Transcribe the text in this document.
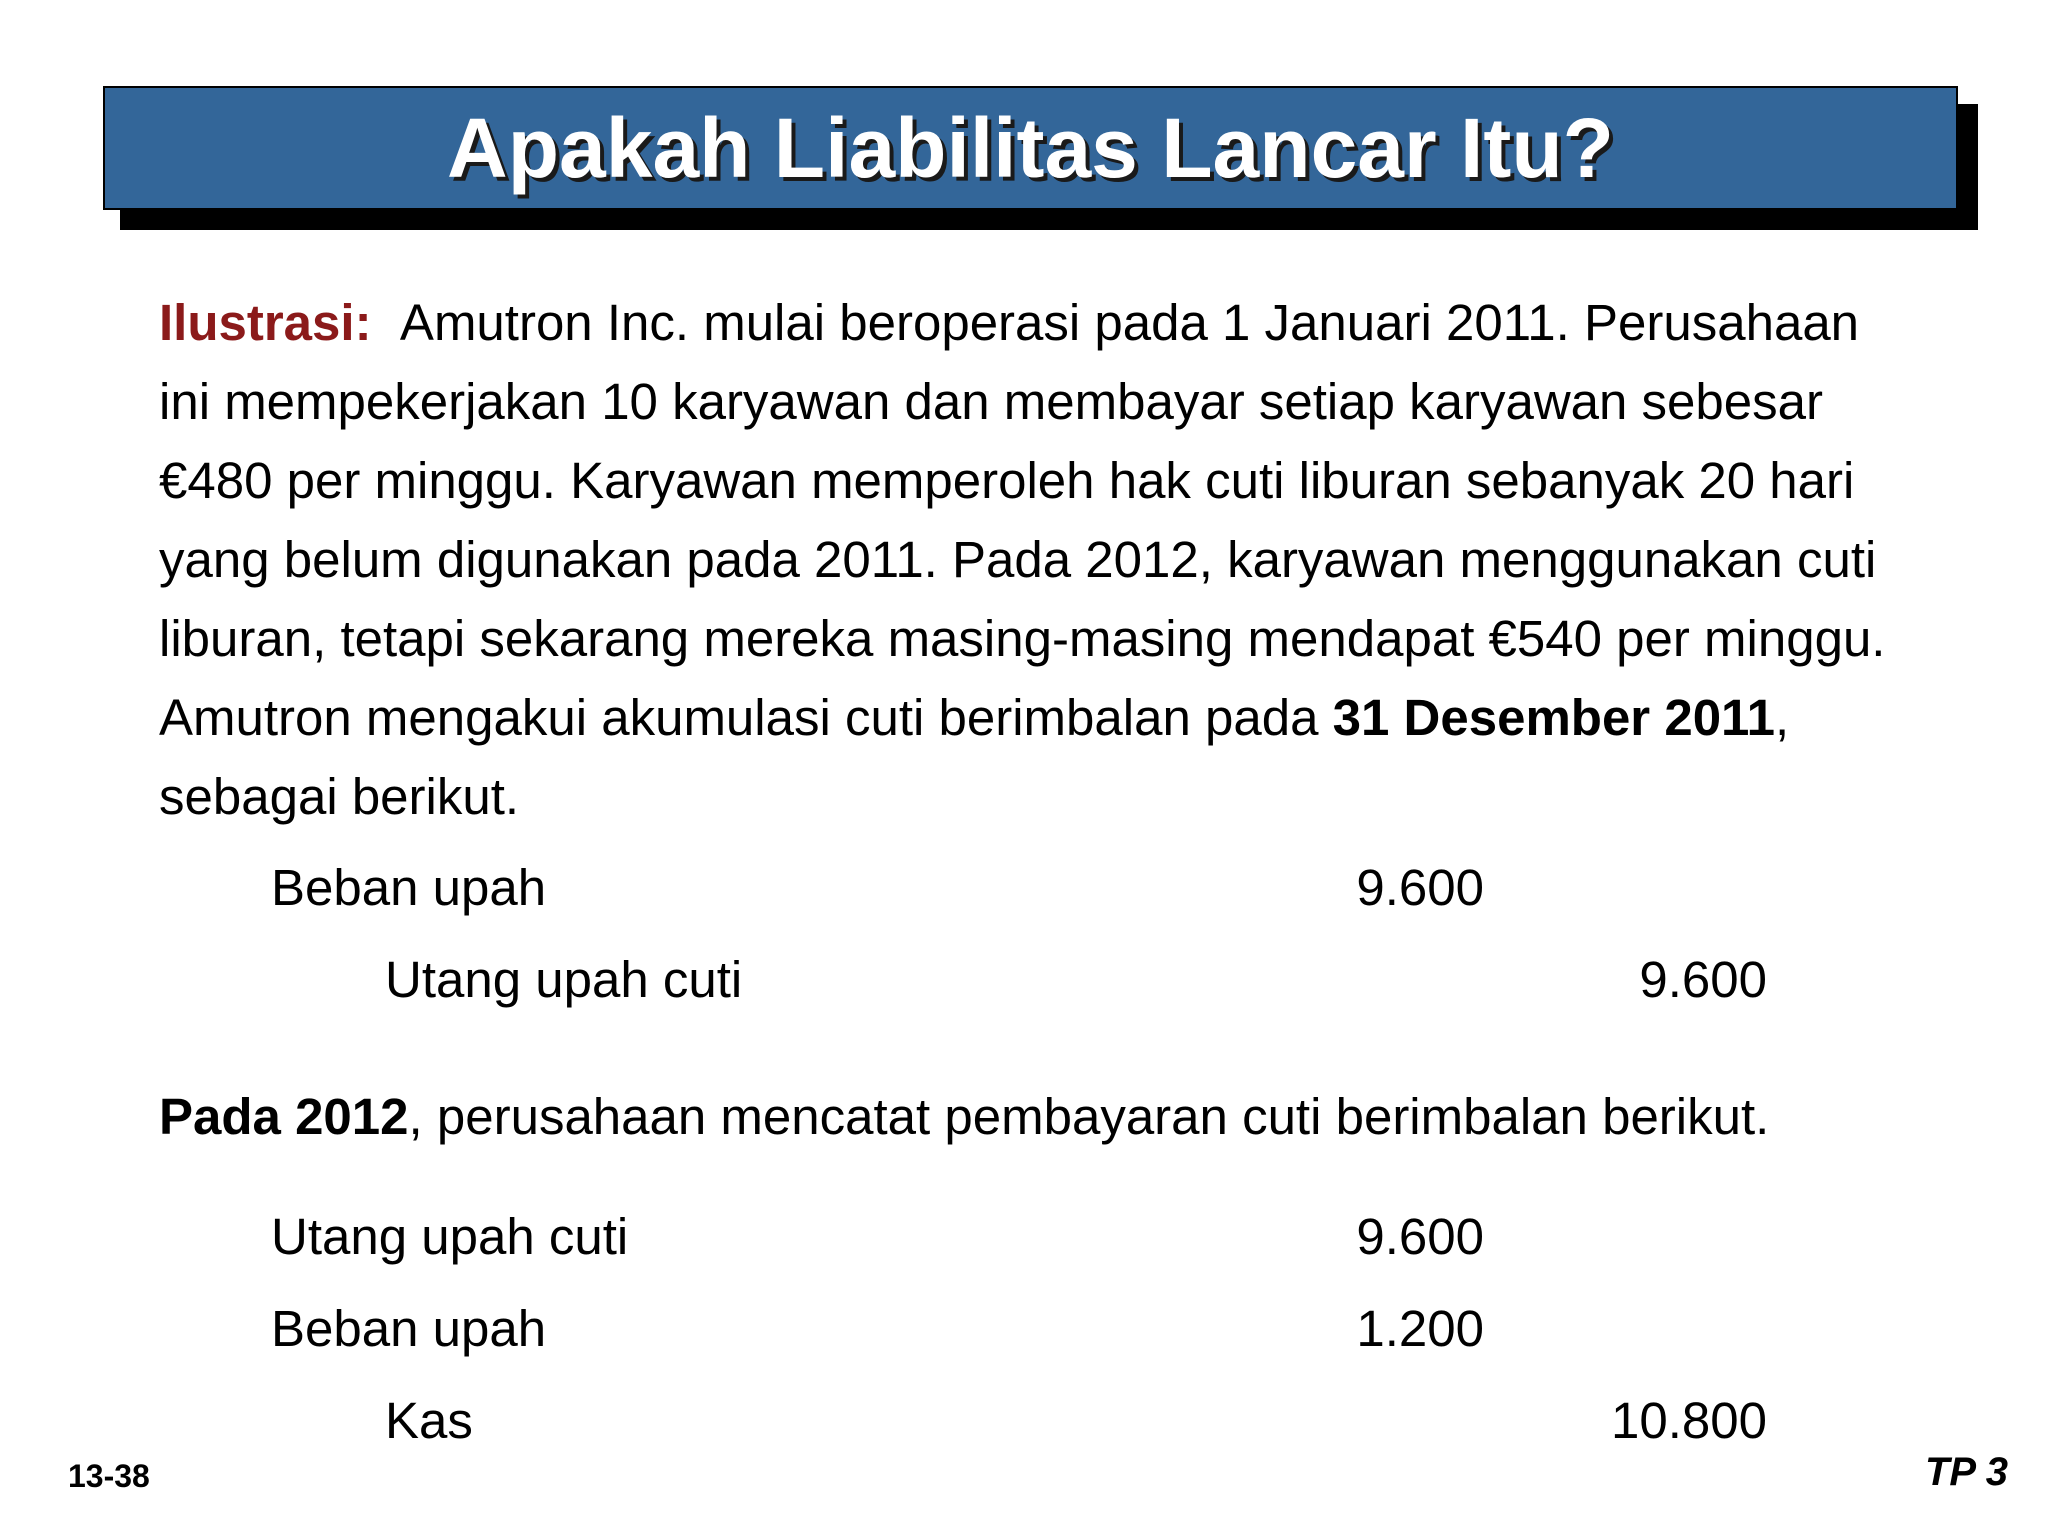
Apakah Liabilitas Lancar Itu?
Ilustrasi: Amutron Inc. mulai beroperasi pada 1 Januari 2011. Perusahaan ini mempekerjakan 10 karyawan dan membayar setiap karyawan sebesar €480 per minggu. Karyawan memperoleh hak cuti liburan sebanyak 20 hari yang belum digunakan pada 2011. Pada 2012, karyawan menggunakan cuti liburan, tetapi sekarang mereka masing-masing mendapat €540 per minggu. Amutron mengakui akumulasi cuti berimbalan pada 31 Desember 2011, sebagai berikut.
Beban upah	9.600
Utang upah cuti	9.600
Pada 2012, perusahaan mencatat pembayaran cuti berimbalan berikut.
Utang upah cuti	9.600
Beban upah	1.200
Kas	10.800
13-38	TP 3
